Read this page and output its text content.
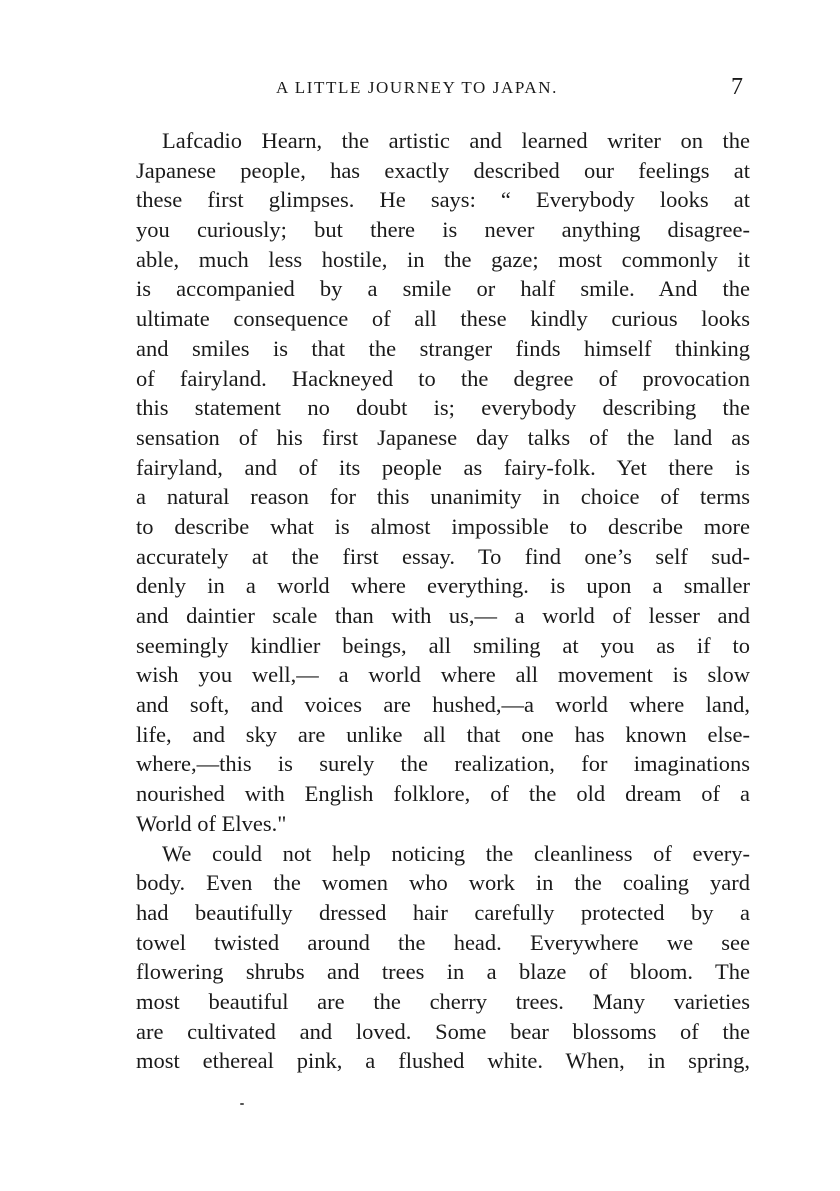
A LITTLE JOURNEY TO JAPAN.	7
Lafcadio Hearn, the artistic and learned writer on the
Japanese people, has exactly described our feelings at
these first glimpses. He says: “ Everybody looks at
you curiously; but there is never anything disagree-
able, much less hostile, in the gaze; most commonly it
is accompanied by a smile or half smile. And the
ultimate consequence of all these kindly curious looks
and smiles is that the stranger finds himself thinking
of fairyland. Hackneyed to the degree of provocation
this statement no doubt is; everybody describing the
sensation of his first Japanese day talks of the land as
fairyland, and of its people as fairy-folk. Yet there is
a natural reason for this unanimity in choice of terms
to describe what is almost impossible to describe more
accurately at the first essay. To find one’s self sud-
denly in a world where everything. is upon a smaller
and daintier scale than with us,— a world of lesser and
seemingly kindlier beings, all smiling at you as if to
wish you well,— a world where all movement is slow
and soft, and voices are hushed,—a world where land,
life, and sky are unlike all that one has known else-
where,—this is surely the realization, for imaginations
nourished with English folklore, of the old dream of a
World of Elves."
We could not help noticing the cleanliness of every-
body. Even the women who work in the coaling yard
had beautifully dressed hair carefully protected by a
towel twisted around the head. Everywhere we see
flowering shrubs and trees in a blaze of bloom. The
most beautiful are the cherry trees. Many varieties
are cultivated and loved. Some bear blossoms of the
most ethereal pink, a flushed white. When, in spring,
